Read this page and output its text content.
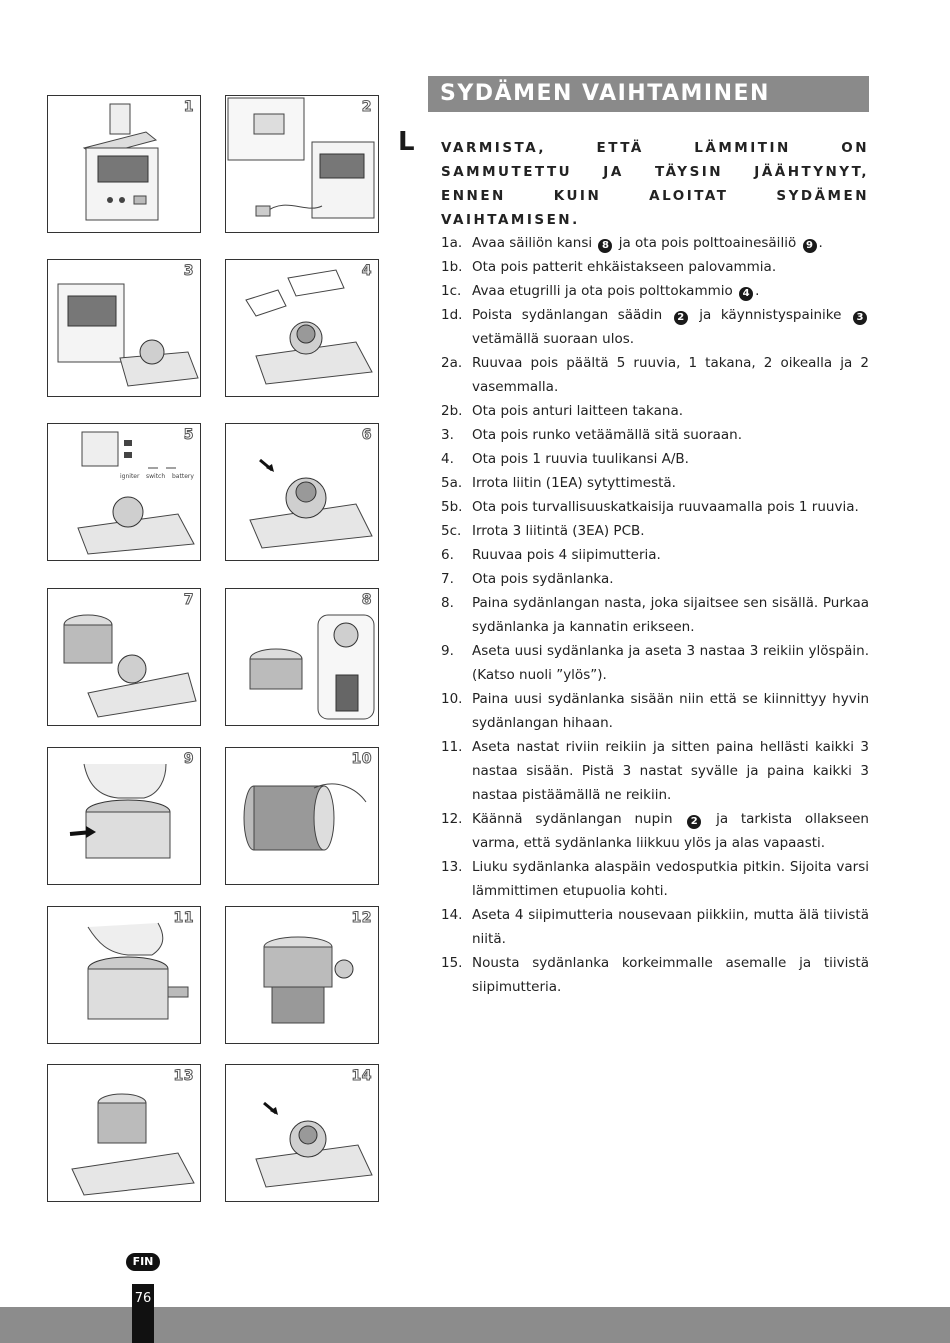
1	2
3	4
igniter switch battery
5	6
7	8
9	10
11	12
13	14
SYDÄMEN VAIHTAMINEN
L VARMISTA, ETTÄ LÄMMITIN ON SAMMUTETTU JA TÄYSIN JÄÄHTYNYT, ENNEN KUIN ALOITAT SYDÄMEN VAIHTAMISEN.
1a. Avaa säiliön kansi 8 ja ota pois polttoainesäiliö 9 .
1b. Ota pois patterit ehkäistakseen palovammia.
1c. Avaa etugrilli ja ota pois polttokammio 4 .
1d. Poista sydänlangan säädin 2 ja käynnistyspainike 3 vetämällä suoraan ulos.
2a. Ruuvaa pois päältä 5 ruuvia, 1 takana, 2 oikealla ja 2 vasemmalla.
2b. Ota pois anturi laitteen takana.
3. Ota pois runko vetäämällä sitä suoraan.
4. Ota pois 1 ruuvia tuulikansi A/B.
5a. Irrota liitin (1EA) sytyttimestä.
5b. Ota pois turvallisuuskatkaisija ruuvaamalla pois 1 ruuvia.
5c. Irrota 3 liitintä (3EA) PCB.
6. Ruuvaa pois 4 siipimutteria.
7. Ota pois sydänlanka.
8. Paina sydänlangan nasta, joka sijaitsee sen sisällä. Purkaa sydänlanka ja kannatin erikseen.
9. Aseta uusi sydänlanka ja aseta 3 nastaa 3 reikiin ylöspäin. (Katso nuoli ”ylös”).
10. Paina uusi sydänlanka sisään niin että se kiinnittyy hyvin sydänlangan hihaan.
11. Aseta nastat riviin reikiin ja sitten paina hellästi kaikki 3 nastaa sisään. Pistä 3 nastat syvälle ja paina kaikki 3 nastaa pistäämällä ne reikiin.
12. Käännä sydänlangan nupin 2 ja tarkista ollakseen varma, että sydänlanka liikkuu ylös ja alas vapaasti.
13. Liuku sydänlanka alaspäin vedosputkia pitkin. Sijoita varsi lämmittimen etupuolia kohti.
14. Aseta 4 siipimutteria nousevaan piikkiin, mutta älä tiivistä niitä.
15. Nousta sydänlanka korkeimmalle asemalle ja tiivistä siipimutteria.
FIN
76
